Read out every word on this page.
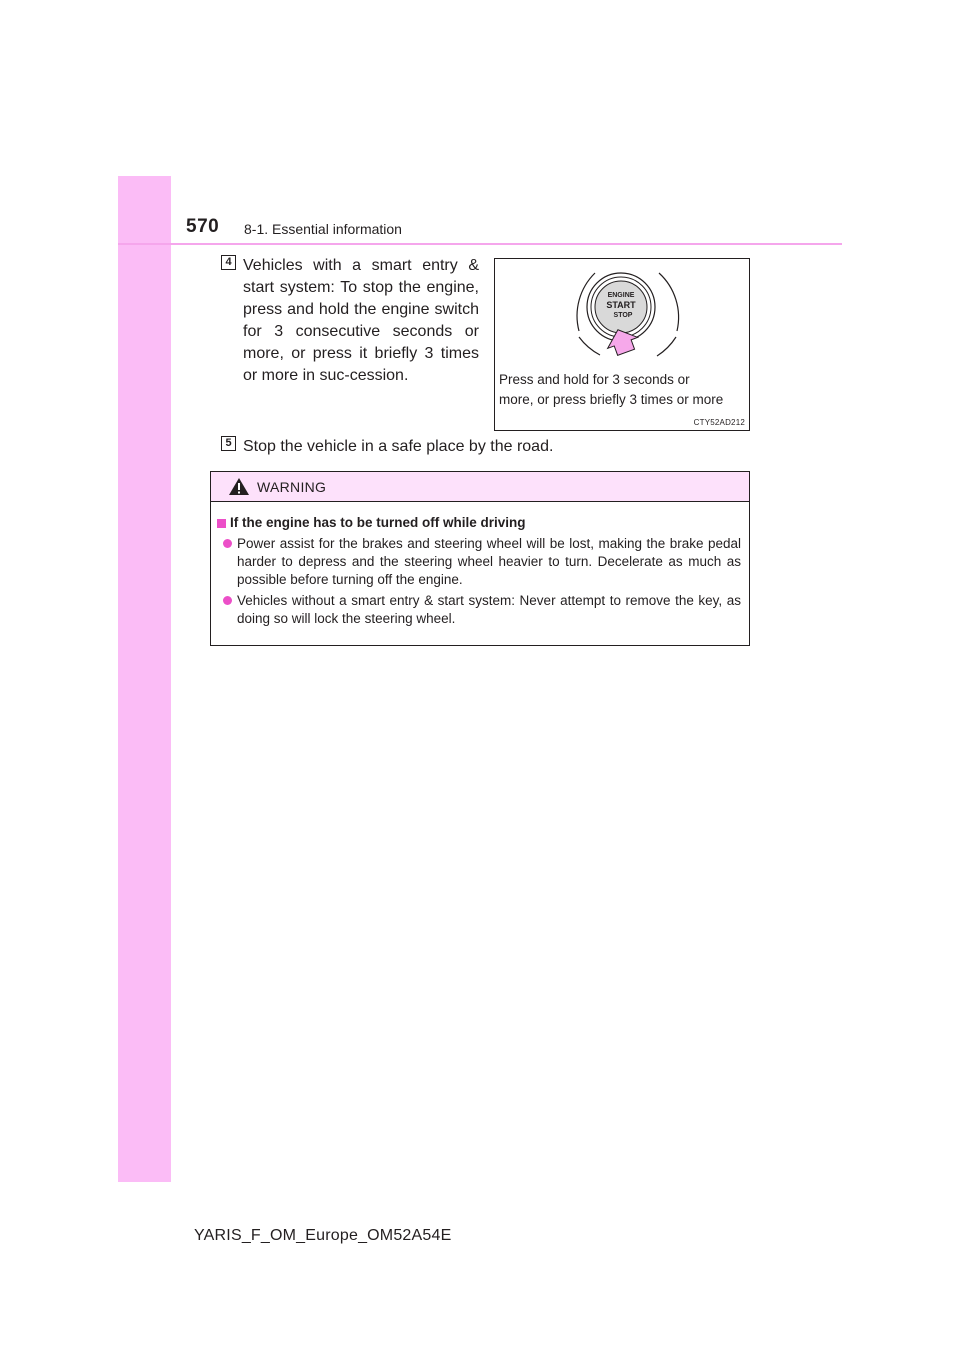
570 8-1. Essential information
4 Vehicles with a smart entry & start system: To stop the engine, press and hold the engine switch for 3 consecutive seconds or more, or press it briefly 3 times or more in suc-cession.
ENGINE
START
STOP
Press and hold for 3 seconds or
more, or press briefly 3 times or more
CTY52AD212
5 Stop the vehicle in a safe place by the road.
WARNING
If the engine has to be turned off while driving
Power assist for the brakes and steering wheel will be lost, making the brake pedal harder to depress and the steering wheel heavier to turn. Decelerate as much as possible before turning off the engine.
Vehicles without a smart entry & start system: Never attempt to remove the key, as doing so will lock the steering wheel.
YARIS_F_OM_Europe_OM52A54E
